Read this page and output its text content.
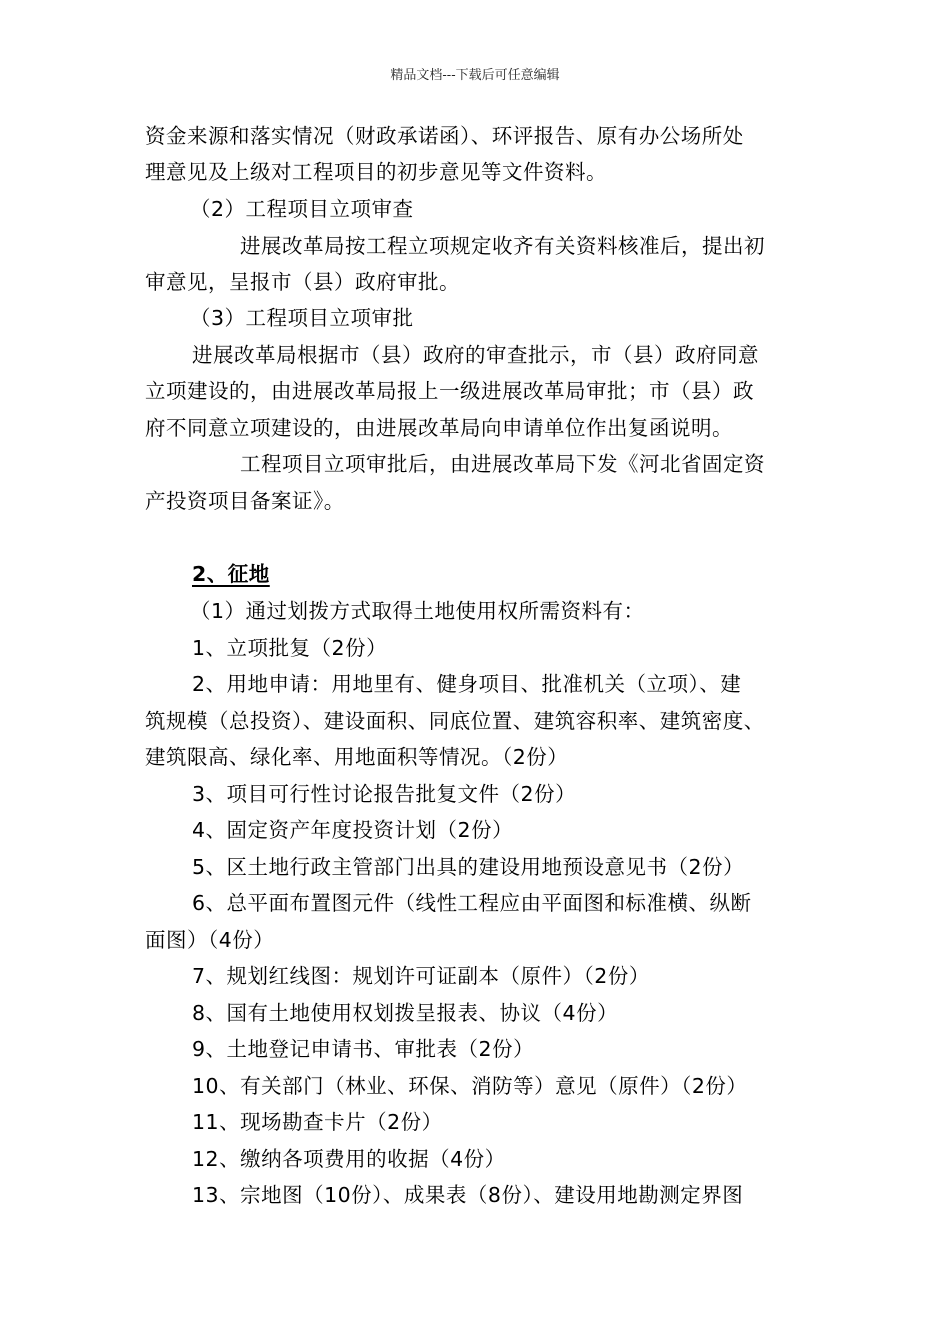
精品文档---下载后可任意编辑
资金来源和落实情况（财政承诺函）、环评报告、原有办公场所处
理意见及上级对工程项目的初步意见等文件资料。
（2）工程项目立项审查
进展改革局按工程立项规定收齐有关资料核准后，提出初
审意见，呈报市（县）政府审批。
（3）工程项目立项审批
进展改革局根据市（县）政府的审查批示，市（县）政府同意
立项建设的，由进展改革局报上一级进展改革局审批；市（县）政
府不同意立项建设的，由进展改革局向申请单位作出复函说明。
工程项目立项审批后，由进展改革局下发《河北省固定资
产投资项目备案证》。
2、征地
（1）通过划拨方式取得土地使用权所需资料有：
1、立项批复（2份）
2、用地申请：用地里有、健身项目、批准机关（立项）、建
筑规模（总投资）、建设面积、同底位置、建筑容积率、建筑密度、
建筑限高、绿化率、用地面积等情况。（2份）
3、项目可行性讨论报告批复文件（2份）
4、固定资产年度投资计划（2份）
5、区土地行政主管部门出具的建设用地预设意见书（2份）
6、总平面布置图元件（线性工程应由平面图和标准横、纵断
面图）（4份）
7、规划红线图：规划许可证副本（原件）（2份）
8、国有土地使用权划拨呈报表、协议（4份）
9、土地登记申请书、审批表（2份）
10、有关部门（林业、环保、消防等）意见（原件）（2份）
11、现场勘查卡片（2份）
12、缴纳各项费用的收据（4份）
13、宗地图（10份）、成果表（8份）、建设用地勘测定界图
